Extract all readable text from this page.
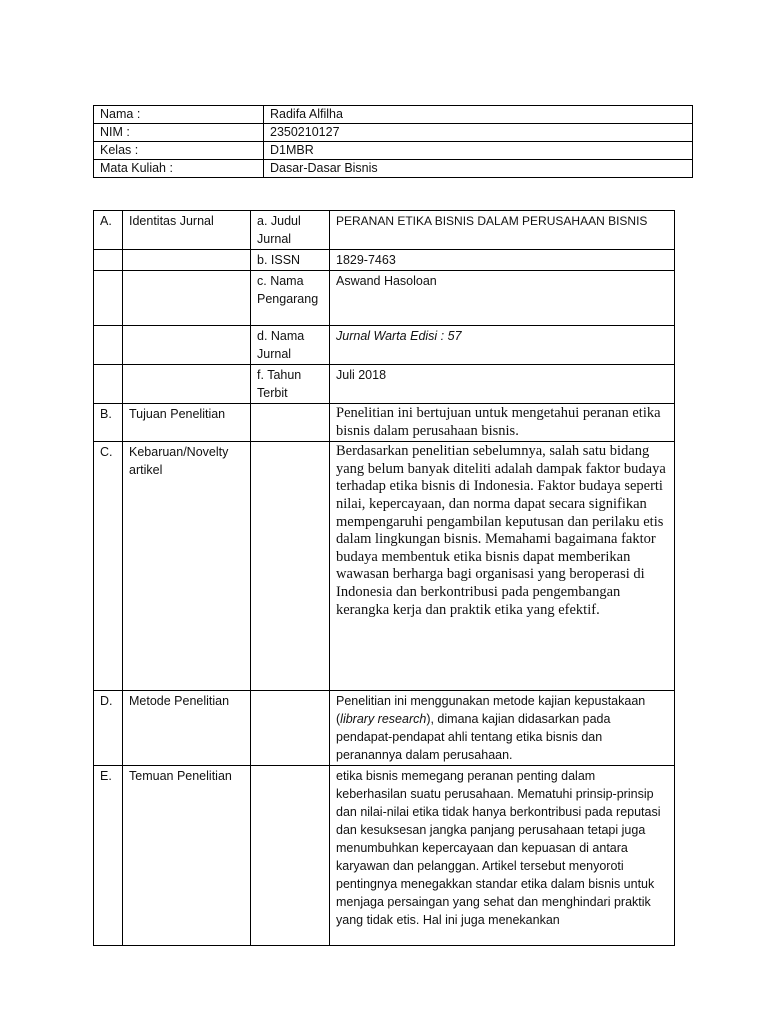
Nama :	Radifa Alfilha
NIM :	2350210127
Kelas :	D1MBR
Mata Kuliah :	Dasar-Dasar Bisnis
A.	Identitas Jurnal	a. Judul Jurnal	PERANAN ETIKA BISNIS DALAM PERUSAHAAN BISNIS
		b. ISSN	1829-7463
		c. Nama Pengarang	Aswand Hasoloan
		d. Nama Jurnal	Jurnal Warta Edisi : 57
		f. Tahun Terbit	Juli 2018
B.	Tujuan Penelitian		Penelitian ini bertujuan untuk mengetahui peranan etika bisnis dalam perusahaan bisnis.
C.	Kebaruan/Novelty artikel		Berdasarkan penelitian sebelumnya, salah satu bidang yang belum banyak diteliti adalah dampak faktor budaya terhadap etika bisnis di Indonesia. Faktor budaya seperti nilai, kepercayaan, dan norma dapat secara signifikan mempengaruhi pengambilan keputusan dan perilaku etis dalam lingkungan bisnis. Memahami bagaimana faktor budaya membentuk etika bisnis dapat memberikan wawasan berharga bagi organisasi yang beroperasi di Indonesia dan berkontribusi pada pengembangan kerangka kerja dan praktik etika yang efektif.
D.	Metode Penelitian		Penelitian ini menggunakan metode kajian kepustakaan (library research), dimana kajian didasarkan pada pendapat-pendapat ahli tentang etika bisnis dan peranannya dalam perusahaan.
E.	Temuan Penelitian		etika bisnis memegang peranan penting dalam keberhasilan suatu perusahaan. Mematuhi prinsip-prinsip dan nilai-nilai etika tidak hanya berkontribusi pada reputasi dan kesuksesan jangka panjang perusahaan tetapi juga menumbuhkan kepercayaan dan kepuasan di antara karyawan dan pelanggan. Artikel tersebut menyoroti pentingnya menegakkan standar etika dalam bisnis untuk menjaga persaingan yang sehat dan menghindari praktik yang tidak etis. Hal ini juga menekankan
